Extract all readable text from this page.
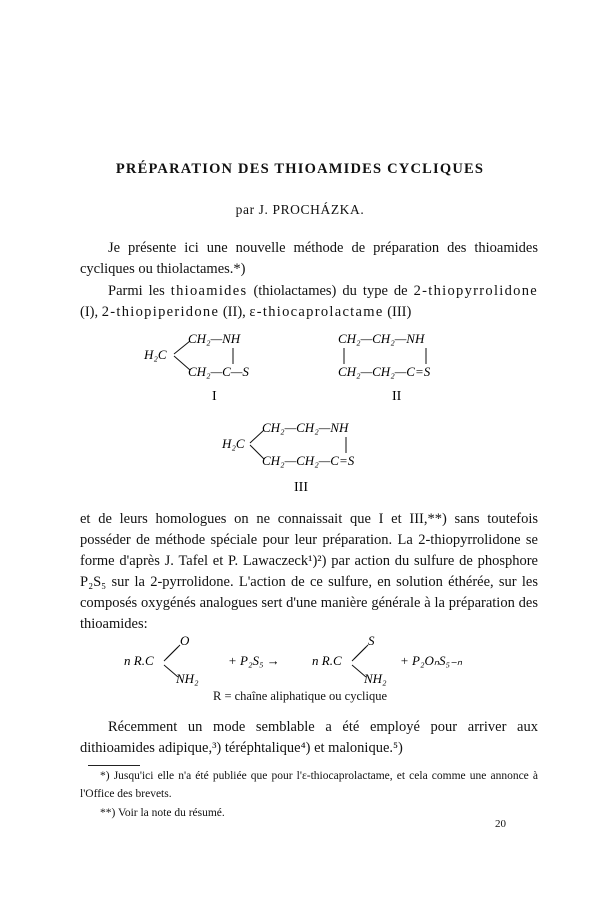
PRÉPARATION DES THIOAMIDES CYCLIQUES
par J. PROCHÁZKA.

Je présente ici une nouvelle méthode de préparation des thioamides cycliques ou thiolactames.*)

Parmi les thioamides (thiolactames) du type de 2-thiopyrrolidone (I), 2-thiopiperidone (II), ε-thiocaprolactame (III)

H₂C
CH₂—NH
CH₂—C—S
I
CH₂—CH₂—NH
CH₂—CH₂—C=S
II
H₂C
CH₂—CH₂—NH
CH₂—CH₂—C=S
III

et de leurs homologues on ne connaissait que I et III,**) sans toutefois posséder de méthode spéciale pour leur préparation. La 2-thiopyrrolidone se forme d'après J. Tafel et P. Lawaczeck¹)²) par action du sulfure de phosphore P₂S₅ sur la 2-pyrrolidone. L'action de ce sulfure, en solution éthérée, sur les composés oxygénés analogues sert d'une manière générale à la préparation des thioamides:

n R.C
O
NH₂
+ P₂S₅ → n R.C
S
NH₂
+ P₂OₙS₅₋ₙ
R = chaîne aliphatique ou cyclique

Récemment un mode semblable a été employé pour arriver aux dithioamides adipique,³) téréphtalique⁴) et malonique.⁵)

*) Jusqu'ici elle n'a été publiée que pour l'ε-thiocaprolactame, et cela comme une annonce à l'Office des brevets.

**) Voir la note du résumé.

20
